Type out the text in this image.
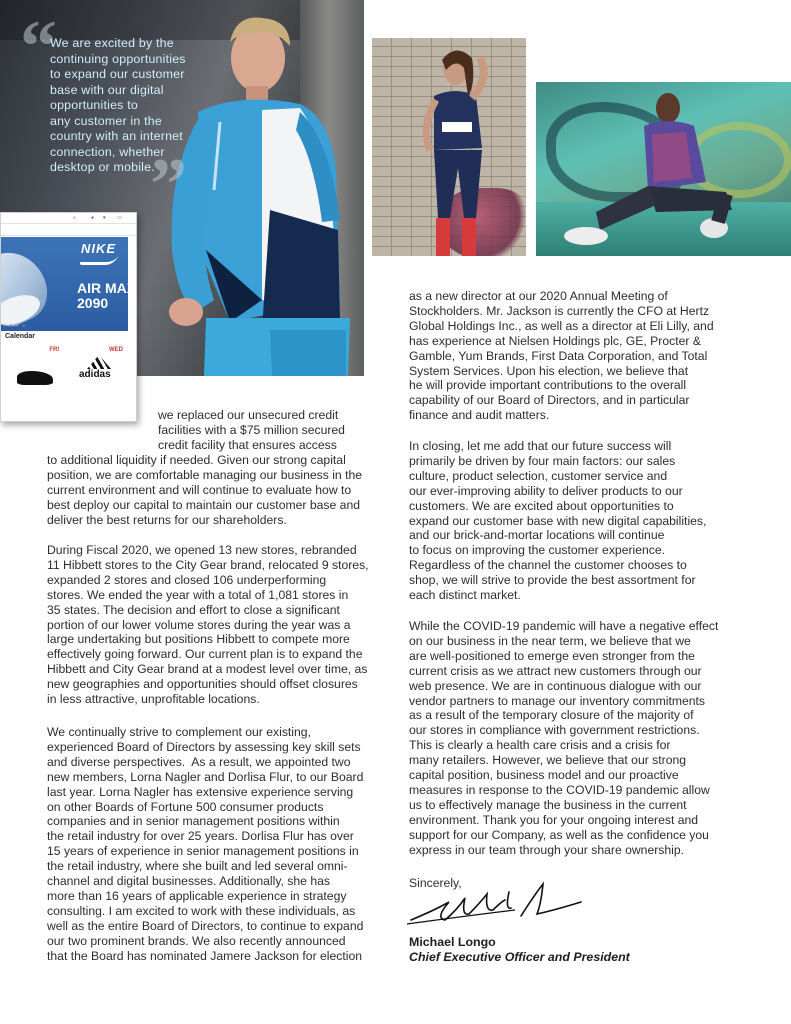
“
We are excited by the
continuing opportunities
to expand our customer
base with our digital
opportunities to
any customer in the
country with an internet
connection, whether
desktop or mobile.
”
⌕	● ▾ ▭
NIKE
AIR MAX
2090
● ● ● ●
Calendar
FRI	WED
adidas
we replaced our unsecured credit
facilities with a $75 million secured
credit facility that ensures access
to additional liquidity if needed. Given our strong capital
position, we are comfortable managing our business in the
current environment and will continue to evaluate how to
best deploy our capital to maintain our customer base and
deliver the best returns for our shareholders.
During Fiscal 2020, we opened 13 new stores, rebranded
11 Hibbett stores to the City Gear brand, relocated 9 stores,
expanded 2 stores and closed 106 underperforming
stores. We ended the year with a total of 1,081 stores in
35 states. The decision and effort to close a significant
portion of our lower volume stores during the year was a
large undertaking but positions Hibbett to compete more
effectively going forward. Our current plan is to expand the
Hibbett and City Gear brand at a modest level over time, as
new geographies and opportunities should offset closures
in less attractive, unprofitable locations.
We continually strive to complement our existing,
experienced Board of Directors by assessing key skill sets
and diverse perspectives.  As a result, we appointed two
new members, Lorna Nagler and Dorlisa Flur, to our Board
last year. Lorna Nagler has extensive experience serving
on other Boards of Fortune 500 consumer products
companies and in senior management positions within
the retail industry for over 25 years. Dorlisa Flur has over
15 years of experience in senior management positions in
the retail industry, where she built and led several omni-
channel and digital businesses. Additionally, she has
more than 16 years of applicable experience in strategy
consulting. I am excited to work with these individuals, as
well as the entire Board of Directors, to continue to expand
our two prominent brands. We also recently announced
that the Board has nominated Jamere Jackson for election
as a new director at our 2020 Annual Meeting of
Stockholders. Mr. Jackson is currently the CFO at Hertz
Global Holdings Inc., as well as a director at Eli Lilly, and
has experience at Nielsen Holdings plc, GE, Procter &
Gamble, Yum Brands, First Data Corporation, and Total
System Services. Upon his election, we believe that
he will provide important contributions to the overall
capability of our Board of Directors, and in particular
finance and audit matters.
In closing, let me add that our future success will
primarily be driven by four main factors: our sales
culture, product selection, customer service and
our ever-improving ability to deliver products to our
customers. We are excited about opportunities to
expand our customer base with new digital capabilities,
and our brick-and-mortar locations will continue
to focus on improving the customer experience.
Regardless of the channel the customer chooses to
shop, we will strive to provide the best assortment for
each distinct market.
While the COVID-19 pandemic will have a negative effect
on our business in the near term, we believe that we
are well-positioned to emerge even stronger from the
current crisis as we attract new customers through our
web presence. We are in continuous dialogue with our
vendor partners to manage our inventory commitments
as a result of the temporary closure of the majority of
our stores in compliance with government restrictions.
This is clearly a health care crisis and a crisis for
many retailers. However, we believe that our strong
capital position, business model and our proactive
measures in response to the COVID-19 pandemic allow
us to effectively manage the business in the current
environment. Thank you for your ongoing interest and
support for our Company, as well as the confidence you
express in our team through your share ownership.
Sincerely,
Michael Longo
Chief Executive Officer and President
